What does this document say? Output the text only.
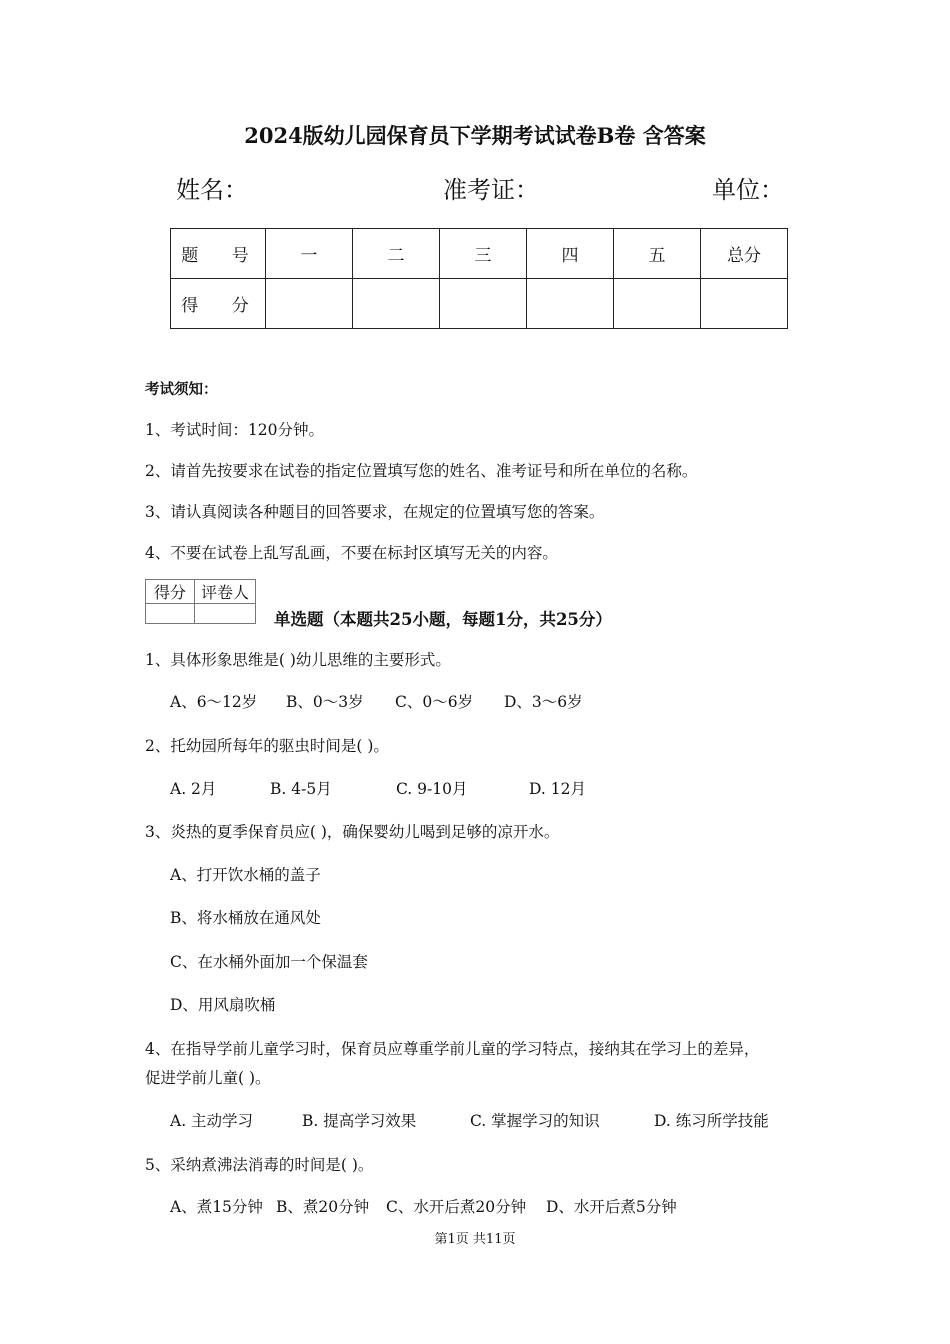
2024版幼儿园保育员下学期考试试卷B卷 含答案
姓名：	准考证：	单位：
题 号	一	二	三	四	五	总分
得 分						
考试须知：
1、考试时间：120分钟。
2、请首先按要求在试卷的指定位置填写您的姓名、准考证号和所在单位的名称。
3、请认真阅读各种题目的回答要求，在规定的位置填写您的答案。
4、不要在试卷上乱写乱画，不要在标封区填写无关的内容。
得分	评卷人

单选题（本题共25小题，每题1分，共25分）
1、具体形象思维是( )幼儿思维的主要形式。
A、6～12岁 B、0～3岁 C、0～6岁 D、3～6岁
2、托幼园所每年的驱虫时间是( )。
A. 2月	B. 4-5月	C. 9-10月	D. 12月
3、炎热的夏季保育员应( )，确保婴幼儿喝到足够的凉开水。
A、打开饮水桶的盖子
B、将水桶放在通风处
C、在水桶外面加一个保温套
D、用风扇吹桶
4、在指导学前儿童学习时，保育员应尊重学前儿童的学习特点，接纳其在学习上的差异，
促进学前儿童( )。
A. 主动学习	B. 提高学习效果	C. 掌握学习的知识	D. 练习所学技能
5、采纳煮沸法消毒的时间是( )。
A、煮15分钟 B、煮20分钟 C、水开后煮20分钟 D、水开后煮5分钟
第1页 共11页
